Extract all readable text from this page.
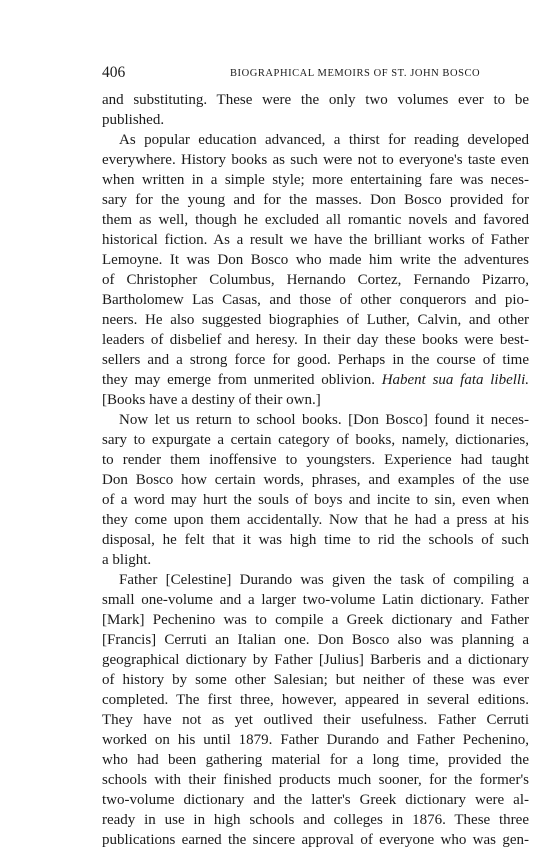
406	BIOGRAPHICAL MEMOIRS OF ST. JOHN BOSCO
and substituting. These were the only two volumes ever to be
published.
As popular education advanced, a thirst for reading developed
everywhere. History books as such were not to everyone's taste even
when written in a simple style; more entertaining fare was neces-
sary for the young and for the masses. Don Bosco provided for
them as well, though he excluded all romantic novels and favored
historical fiction. As a result we have the brilliant works of Father
Lemoyne. It was Don Bosco who made him write the adventures
of Christopher Columbus, Hernando Cortez, Fernando Pizarro,
Bartholomew Las Casas, and those of other conquerors and pio-
neers. He also suggested biographies of Luther, Calvin, and other
leaders of disbelief and heresy. In their day these books were best-
sellers and a strong force for good. Perhaps in the course of time
they may emerge from unmerited oblivion. Habent sua fata libelli.
[Books have a destiny of their own.]
Now let us return to school books. [Don Bosco] found it neces-
sary to expurgate a certain category of books, namely, dictionaries,
to render them inoffensive to youngsters. Experience had taught
Don Bosco how certain words, phrases, and examples of the use
of a word may hurt the souls of boys and incite to sin, even when
they come upon them accidentally. Now that he had a press at his
disposal, he felt that it was high time to rid the schools of such
a blight.
Father [Celestine] Durando was given the task of compiling a
small one-volume and a larger two-volume Latin dictionary. Father
[Mark] Pechenino was to compile a Greek dictionary and Father
[Francis] Cerruti an Italian one. Don Bosco also was planning a
geographical dictionary by Father [Julius] Barberis and a dictionary
of history by some other Salesian; but neither of these was ever
completed. The first three, however, appeared in several editions.
They have not as yet outlived their usefulness. Father Cerruti
worked on his until 1879. Father Durando and Father Pechenino,
who had been gathering material for a long time, provided the
schools with their finished products much sooner, for the former's
two-volume dictionary and the latter's Greek dictionary were al-
ready in use in high schools and colleges in 1876. These three
publications earned the sincere approval of everyone who was gen-
